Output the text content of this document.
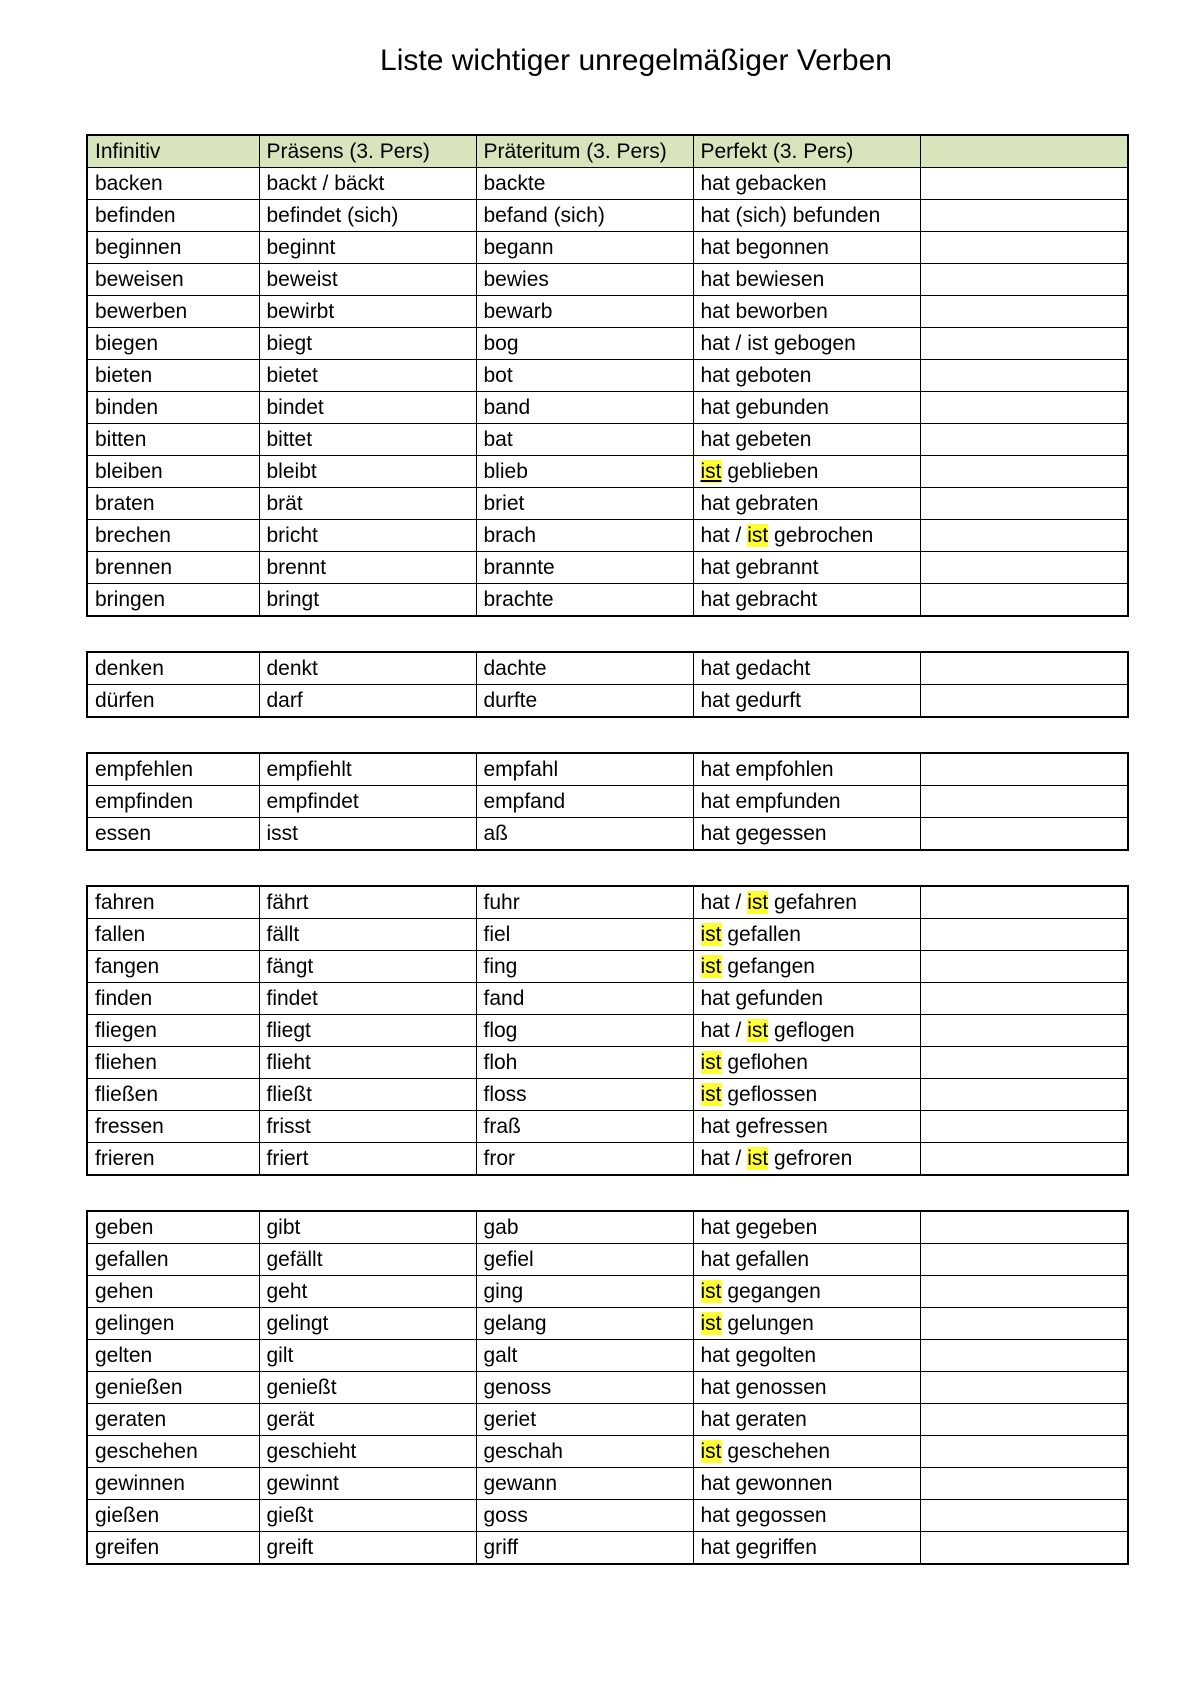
Liste wichtiger unregelmäßiger Verben
Infinitiv	Präsens (3. Pers)	Präteritum (3. Pers)	Perfekt (3. Pers)	
backen	backt / bäckt	backte	hat gebacken	
befinden	befindet (sich)	befand (sich)	hat (sich) befunden	
beginnen	beginnt	begann	hat begonnen	
beweisen	beweist	bewies	hat bewiesen	
bewerben	bewirbt	bewarb	hat beworben	
biegen	biegt	bog	hat / ist gebogen	
bieten	bietet	bot	hat geboten	
binden	bindet	band	hat gebunden	
bitten	bittet	bat	hat gebeten	
bleiben	bleibt	blieb	ist geblieben	
braten	brät	briet	hat gebraten	
brechen	bricht	brach	hat / ist gebrochen	
brennen	brennt	brannte	hat gebrannt	
bringen	bringt	brachte	hat gebracht	
denken	denkt	dachte	hat gedacht	
dürfen	darf	durfte	hat gedurft	
empfehlen	empfiehlt	empfahl	hat empfohlen	
empfinden	empfindet	empfand	hat empfunden	
essen	isst	aß	hat gegessen	
fahren	fährt	fuhr	hat / ist gefahren	
fallen	fällt	fiel	ist gefallen	
fangen	fängt	fing	ist gefangen	
finden	findet	fand	hat gefunden	
fliegen	fliegt	flog	hat / ist geflogen	
fliehen	flieht	floh	ist geflohen	
fließen	fließt	floss	ist geflossen	
fressen	frisst	fraß	hat gefressen	
frieren	friert	fror	hat / ist gefroren	
geben	gibt	gab	hat gegeben	
gefallen	gefällt	gefiel	hat gefallen	
gehen	geht	ging	ist gegangen	
gelingen	gelingt	gelang	ist gelungen	
gelten	gilt	galt	hat gegolten	
genießen	genießt	genoss	hat genossen	
geraten	gerät	geriet	hat geraten	
geschehen	geschieht	geschah	ist geschehen	
gewinnen	gewinnt	gewann	hat gewonnen	
gießen	gießt	goss	hat gegossen	
greifen	greift	griff	hat gegriffen	
